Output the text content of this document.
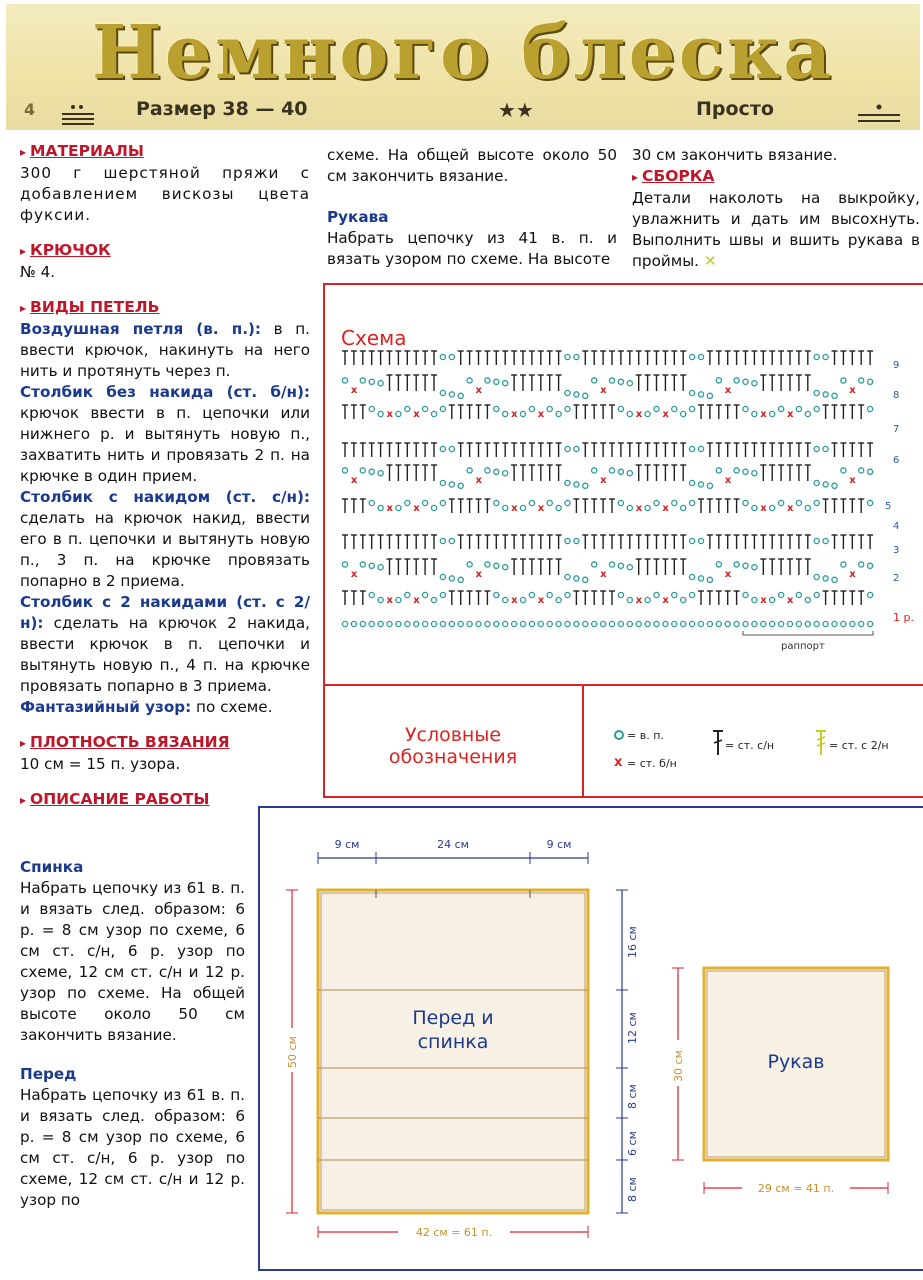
Немного блеска
4	Размер 38 — 40	★★	Просто

▸ МАТЕРИАЛЫ

300 г шерстяной пряжи с добавлением вискозы цвета фуксии.

▸ КРЮЧОК

№ 4.

▸ ВИДЫ ПЕТЕЛЬ

Воздушная петля (в. п.): в п. ввести крючок, накинуть на него нить и протянуть через п.

Столбик без накида (ст. б/н): крючок ввести в п. цепочки или нижнего р. и вытянуть новую п., захватить нить и провязать 2 п. на крючке в один прием.

Столбик с накидом (ст. с/н): сделать на крючок накид, ввести его в п. цепочки и вытянуть новую п., 3 п. на крючке провязать попарно в 2 приема.

Столбик с 2 накидами (ст. с 2/н): сделать на крючок 2 накида, ввести крючок в п. цепочки и вытянуть новую п., 4 п. на крючке провязать попарно в 3 приема.

Фантазийный узор: по схеме.

▸ ПЛОТНОСТЬ ВЯЗАНИЯ

10 см = 15 п. узора.

▸ ОПИСАНИЕ РАБОТЫ

Спинка

Набрать цепочку из 61 в. п. и вязать след. образом: 6 р. = 8 см узор по схеме, 6 см ст. с/н, 6 р. узор по схеме, 12 см ст. с/н и 12 р. узор по схеме. На общей высоте около 50 см закончить вязание.

Перед

Набрать цепочку из 61 в. п. и вязать след. образом: 6 р. = 8 см узор по схеме, 6 см ст. с/н, 6 р. узор по схеме, 12 см ст. с/н и 12 р. узор по

схеме. На общей высоте около 50 см закончить вязание.

Рукава

Набрать цепочку из 41 в. п. и вязать узором по схеме. На высоте

30 см закончить вязание.

▸ СБОРКА

Детали наколоть на выкройку, увлажнить и дать им высохнуть. Выполнить швы и вшить рукава в проймы. ✕

Схема
x	x	x	x	x
x	x	x	x	x
x	x	x	x	x
x x	x x	x x	x x
x x	x x	x x	x x
x x	x x	x x	x x
9
8
7
6
5
4
3
2
1 р.
раппорт
Условные
обозначения
= в. п.
x = ст. б/н
= ст. с/н	= ст. с 2/н
9 см	24 см	9 см
Перед и
спинка
50 см
16 см
12 см
8 см
6 см
8 см
42 см = 61 п.
Рукав
30 см
29 см = 41 п.
